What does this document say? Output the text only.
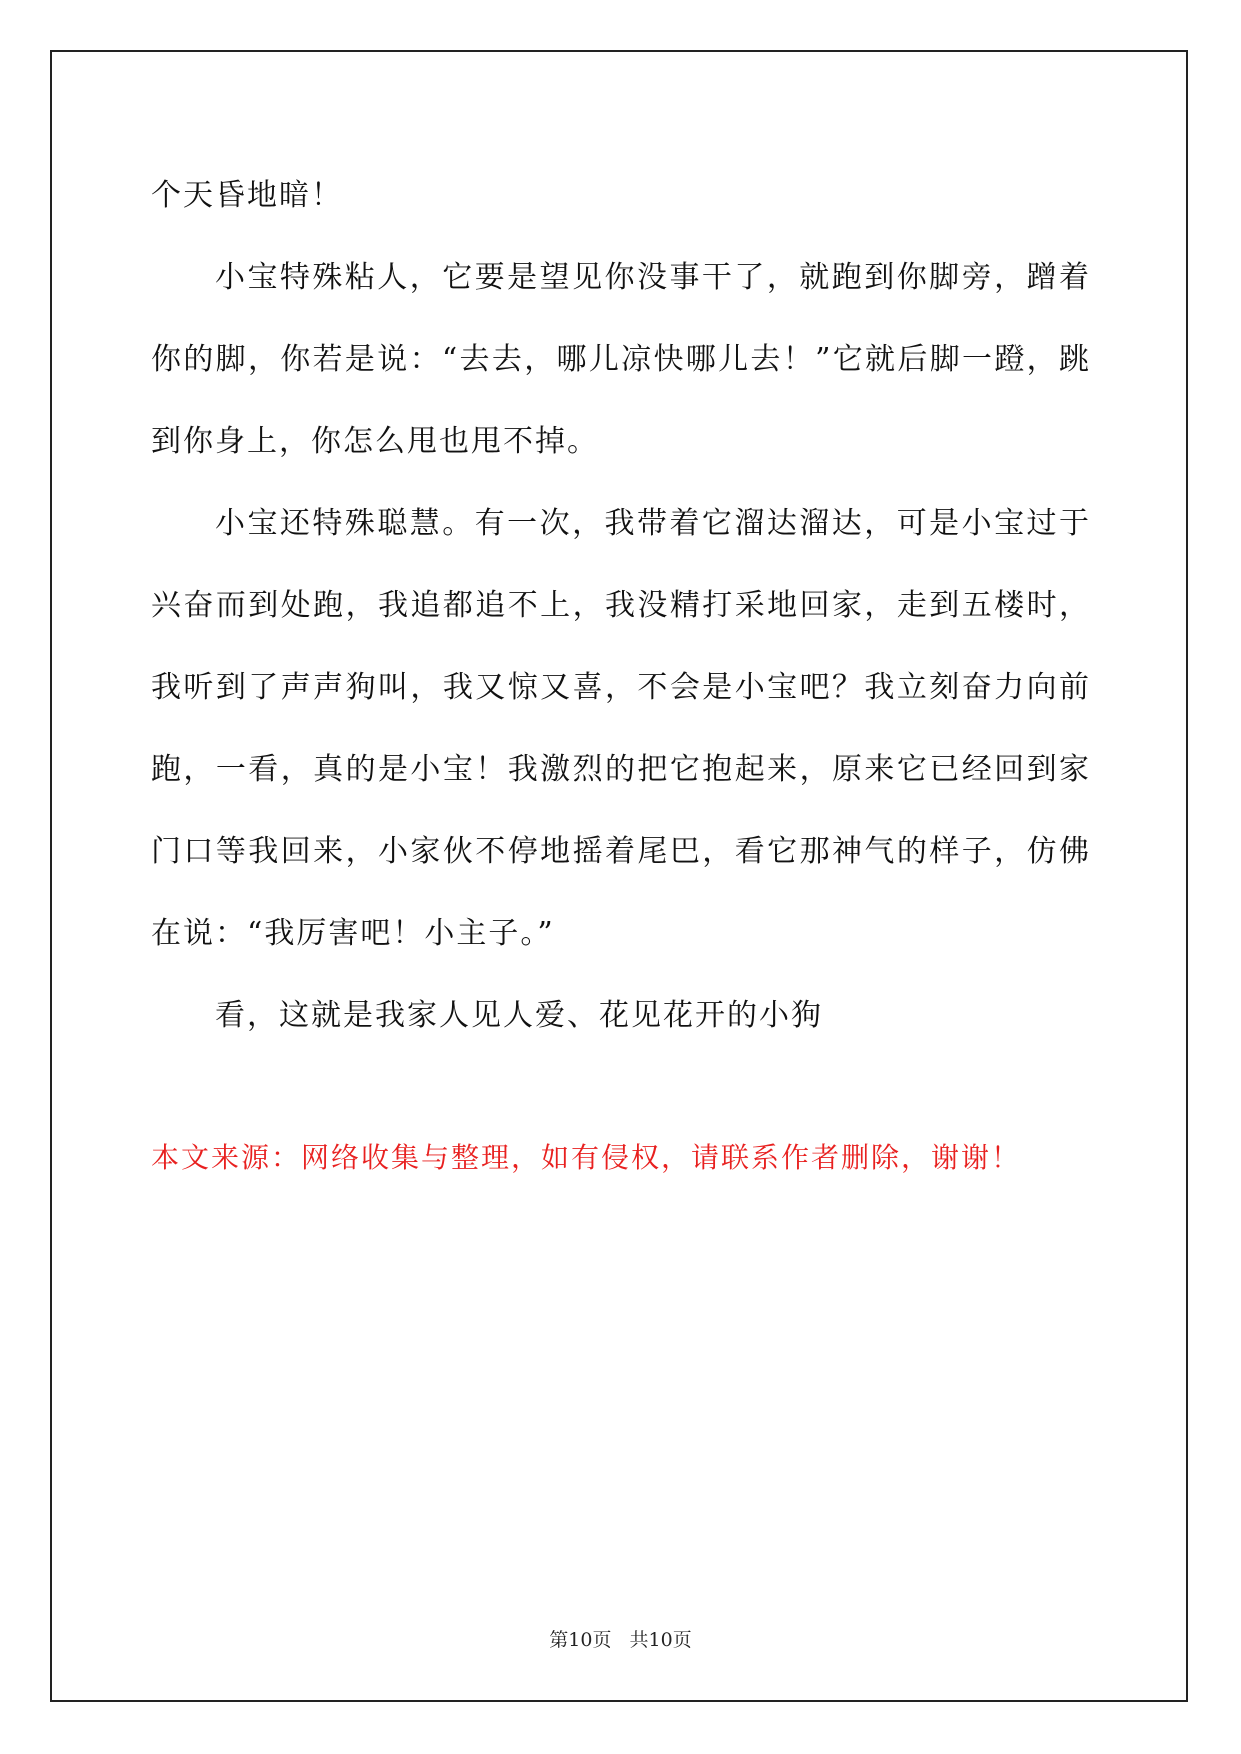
个天昏地暗！

小宝特殊粘人，它要是望见你没事干了，就跑到你脚旁，蹭着你的脚，你若是说：“去去，哪儿凉快哪儿去！”它就后脚一蹬，跳到你身上，你怎么甩也甩不掉。

小宝还特殊聪慧。有一次，我带着它溜达溜达，可是小宝过于兴奋而到处跑，我追都追不上，我没精打采地回家，走到五楼时，我听到了声声狗叫，我又惊又喜，不会是小宝吧？我立刻奋力向前跑，一看，真的是小宝！我激烈的把它抱起来，原来它已经回到家门口等我回来，小家伙不停地摇着尾巴，看它那神气的样子，仿佛在说：“我厉害吧！小主子。”

看，这就是我家人见人爱、花见花开的小狗

本文来源：网络收集与整理，如有侵权，请联系作者删除，谢谢！

第10页 共10页
